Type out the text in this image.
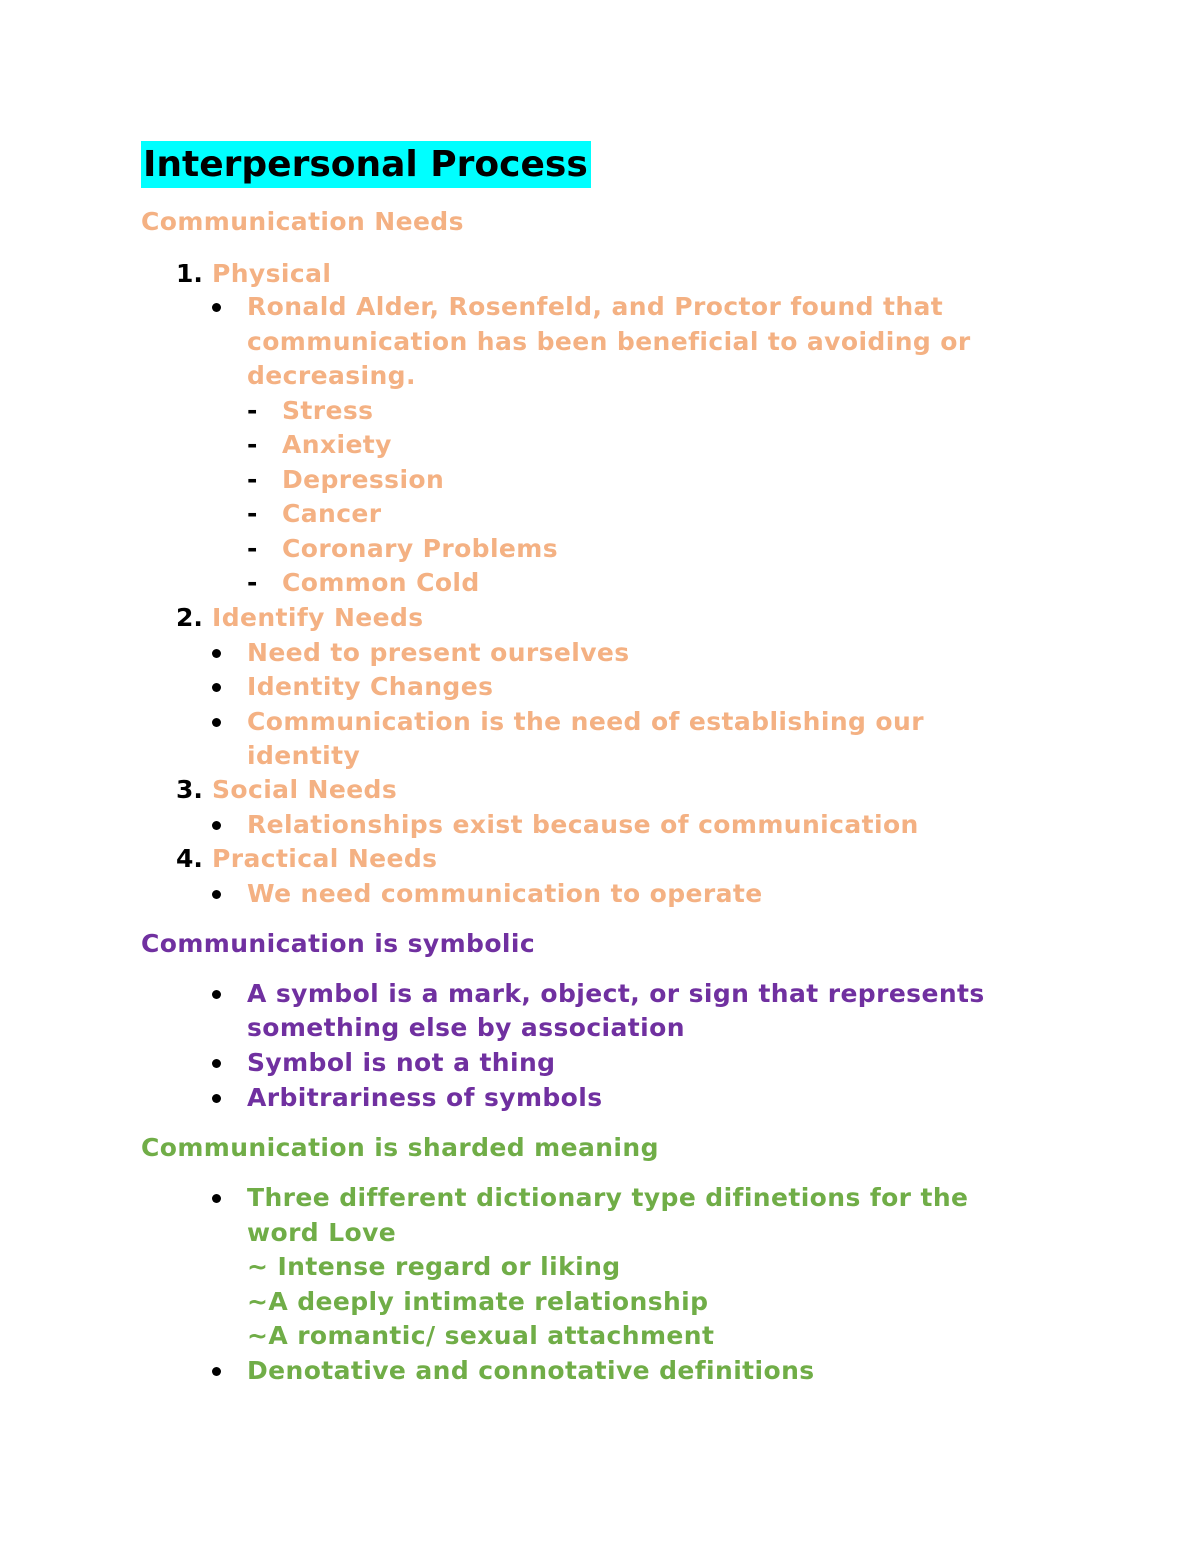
Interpersonal Process
Communication Needs
1. Physical
Ronald Alder, Rosenfeld, and Proctor found that
communication has been beneficial to avoiding or
decreasing.
- Stress
- Anxiety
- Depression
- Cancer
- Coronary Problems
- Common Cold
2. Identify Needs
Need to present ourselves
Identity Changes
Communication is the need of establishing our
identity
3. Social Needs
Relationships exist because of communication
4. Practical Needs
We need communication to operate
Communication is symbolic
A symbol is a mark, object, or sign that represents
something else by association
Symbol is not a thing
Arbitrariness of symbols
Communication is sharded meaning
Three different dictionary type difinetions for the
word Love
~ Intense regard or liking
~A deeply intimate relationship
~A romantic/ sexual attachment
Denotative and connotative definitions
